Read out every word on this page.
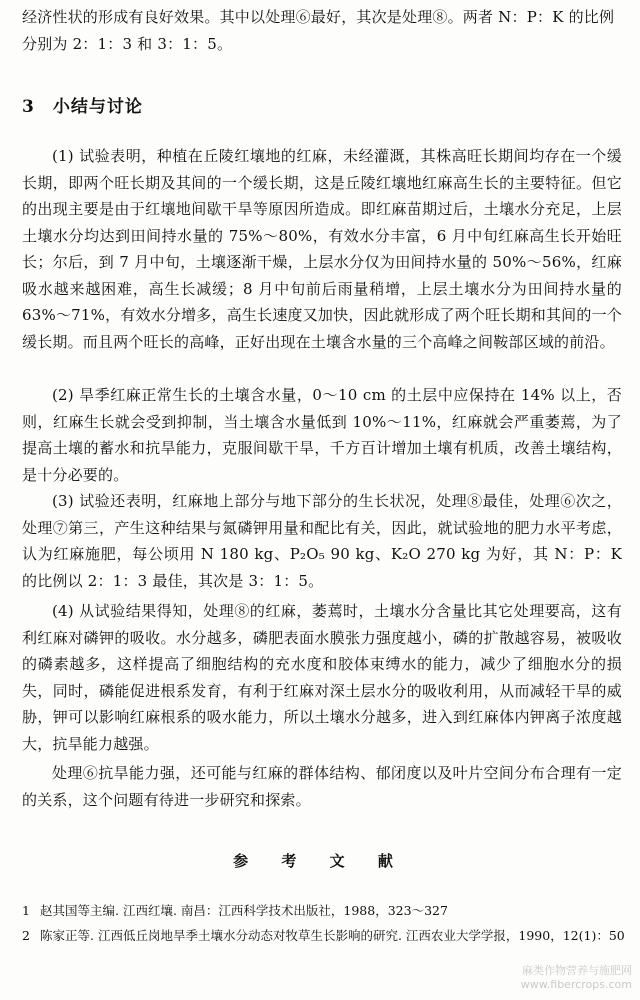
经济性状的形成有良好效果。其中以处理⑥最好，其次是处理⑧。两者 N：P：K 的比例
分别为 2：1：3 和 3：1：5。

3 小结与讨论

(1) 试验表明，种植在丘陵红壤地的红麻，未经灌溉，其株高旺长期间均存在一个缓长期，即两个旺长期及其间的一个缓长期，这是丘陵红壤地红麻高生长的主要特征。但它的出现主要是由于红壤地间歇干旱等原因所造成。即红麻苗期过后，土壤水分充足，上层土壤水分均达到田间持水量的 75%～80%，有效水分丰富，6 月中旬红麻高生长开始旺长；尔后，到 7 月中旬，土壤逐渐干燥，上层水分仅为田间持水量的 50%～56%，红麻吸水越来越困难，高生长减缓；8 月中旬前后雨量稍增，上层土壤水分为田间持水量的 63%～71%，有效水分增多，高生长速度又加快，因此就形成了两个旺长期和其间的一个缓长期。而且两个旺长的高峰，正好出现在土壤含水量的三个高峰之间鞍部区域的前沿。

(2) 旱季红麻正常生长的土壤含水量，0～10 cm 的土层中应保持在 14% 以上，否则，红麻生长就会受到抑制，当土壤含水量低到 10%～11%，红麻就会严重萎蔫，为了提高土壤的蓄水和抗旱能力，克服间歇干旱，千方百计增加土壤有机质，改善土壤结构，是十分必要的。

(3) 试验还表明，红麻地上部分与地下部分的生长状况，处理⑧最佳，处理⑥次之，处理⑦第三，产生这种结果与氮磷钾用量和配比有关，因此，就试验地的肥力水平考虑，认为红麻施肥，每公顷用 N 180 kg、P₂O₅ 90 kg、K₂O 270 kg 为好，其 N：P：K 的比例以 2：1：3 最佳，其次是 3：1：5。

(4) 从试验结果得知，处理⑧的红麻，萎蔫时，土壤水分含量比其它处理要高，这有利红麻对磷钾的吸收。水分越多，磷肥表面水膜张力强度越小，磷的扩散越容易，被吸收的磷素越多，这样提高了细胞结构的充水度和胶体束缚水的能力，减少了细胞水分的损失，同时，磷能促进根系发育，有利于红麻对深土层水分的吸收利用，从而减轻干旱的威胁，钾可以影响红麻根系的吸水能力，所以土壤水分越多，进入到红麻体内钾离子浓度越大，抗旱能力越强。

处理⑥抗旱能力强，还可能与红麻的群体结构、郁闭度以及叶片空间分布合理有一定的关系，这个问题有待进一步研究和探索。

参 考 文 献

1 赵其国等主编. 江西红壤. 南昌：江西科学技术出版社，1988，323～327

2 陈家正等. 江西低丘岗地旱季土壤水分动态对牧草生长影响的研究. 江西农业大学学报，1990，12(1)：50

麻类作物营养与施肥网
www.fibercrops.com
